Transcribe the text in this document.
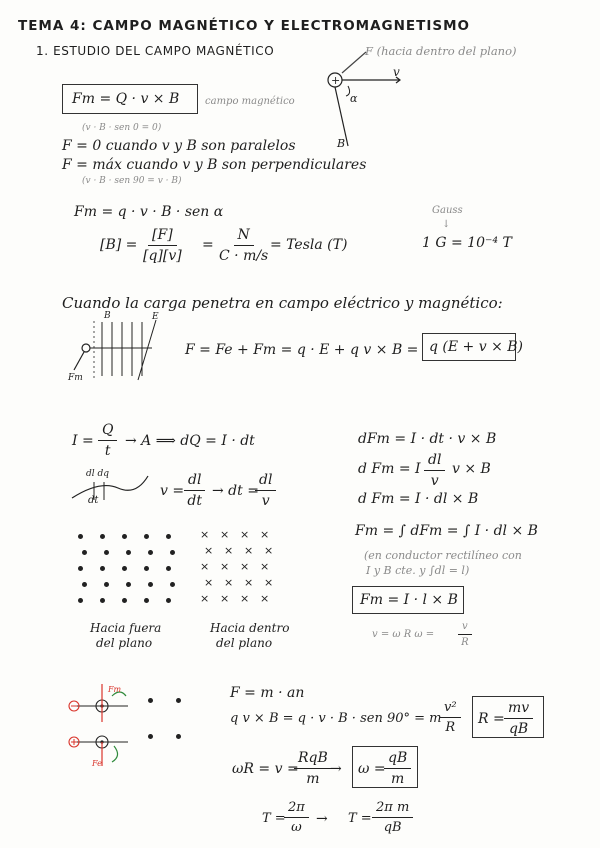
TEMA 4: CAMPO MAGNÉTICO Y ELECTROMAGNETISMO
1. ESTUDIO DEL CAMPO MAGNÉTICO	F (hacia dentro del plano)
v
α
B
+
Fm = Q · v × B	campo magnético
(v · B · sen 0 = 0)
F = 0 cuando v y B son paralelos
F = máx cuando v y B son perpendiculares
(v · B · sen 90 = v · B)
Fm = q · v · B · sen α
$[B] = \frac{[F]}{[q][v]} = \frac{N}{C \cdot m/s}$ = Tesla (T)
Gauss
↓
1 G = 10⁻⁴ T
Cuando la carga penetra en campo eléctrico y magnético:
B	E
Fm
F = Fe + Fm = q · E + q v × B = q (E + v × B)
$I = \frac{Q}{t} \to A$ ⟹ dQ = I · dt
dl dq
dt
$v = \frac{dl}{dt}$ → dt =
$\frac{dl}{v}$
dFm = I · dt · v × B
d Fm = I $\frac{dl}{v}$ v × B
d Fm = I · dl × B
Hacia fuera
del plano
× × × ×
× × × ×
× × × ×
× × × ×
× × × ×
Hacia dentro
del plano
Fm = ∫ dFm = ∫ I · dl × B
(en conductor rectilíneo con
I y B cte. y ∫dl = l)
Fm = I · l × B
v = ω R $\omega = \frac{v}{R}$
Fm
Fe
F = m · an
q v × B = q · v · B · sen 90° = m
$\frac{\text{v²}}{R}$ $R = \frac{mv}{qB}$
ωR = v =
RqB
m
→ ω =
$\frac{qB}{m}$
T =
$\frac{2\pi}{\omega} \to T = \frac{\text{2π m}}{qB}$
